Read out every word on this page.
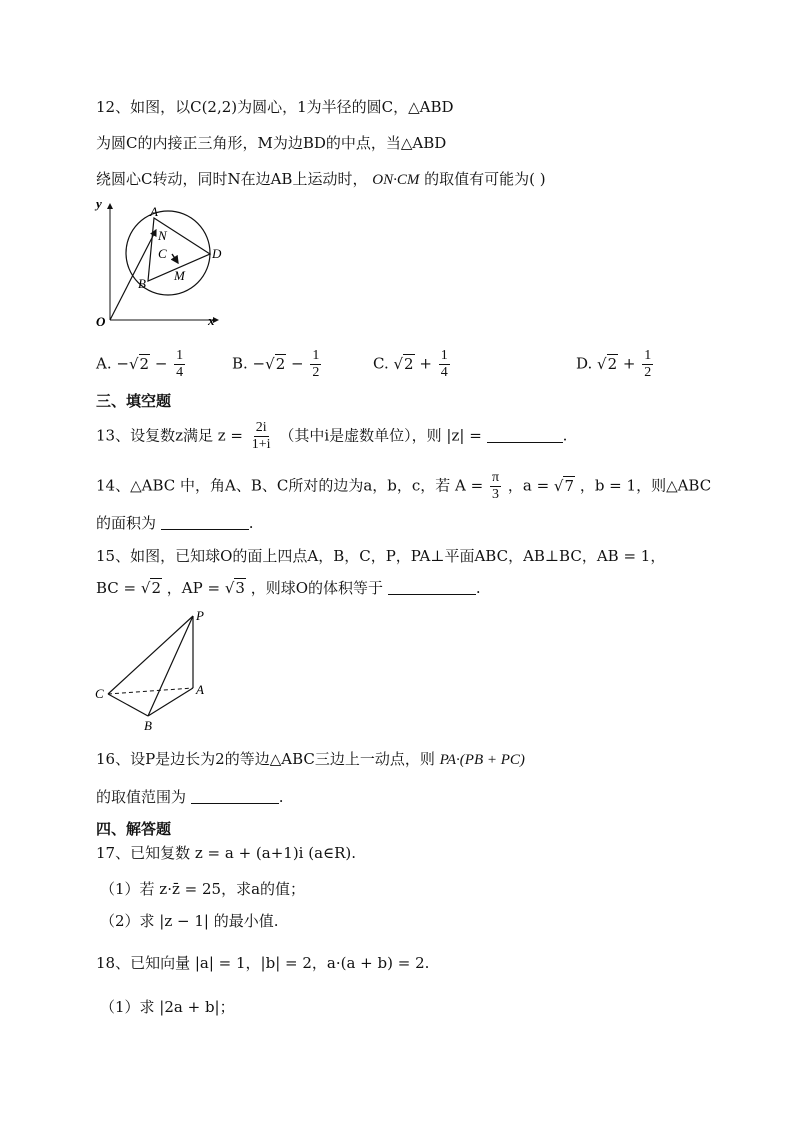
12、如图，以C(2,2)为圆心，1为半径的圆C，△ABD
为圆C的内接正三角形，M为边BD的中点，当△ABD
绕圆心C转动，同时N在边AB上运动时， ON·CM 的取值有可能为( )
y
x
O
A
N
C	D
M
B
A. $-√2 - \frac{1}{4}$	B. $-√2 - \frac{1}{2}$	C. $√2 + \frac{1}{4}$	D. $√2 + \frac{1}{2}$
三、填空题
13、设复数z满足 $z = \frac{2i}{1+i}$ （其中i是虚数单位），则 |z| =	.
14、△ABC 中，角A、B、C所对的边为a，b，c，若 $A = \frac{\pi}{3}$ ，a = √7 ，b = 1，则△ABC
的面积为	.
15、如图，已知球O的面上四点A，B，C，P，PA⊥平面ABC，AB⊥BC，AB = 1，
BC = √2 ，AP = √3 ，则球O的体积等于	.
P
A
C
B
16、设P是边长为2的等边△ABC三边上一动点，则 PA·(PB + PC)
的取值范围为	.
四、解答题
17、已知复数 z = a + (a+1)i (a∈R).
（1）若 z·z̄ = 25，求a的值；
（2）求 |z − 1| 的最小值.
18、已知向量 |a| = 1，|b| = 2，a·(a + b) = 2.
（1）求 |2a + b|；
